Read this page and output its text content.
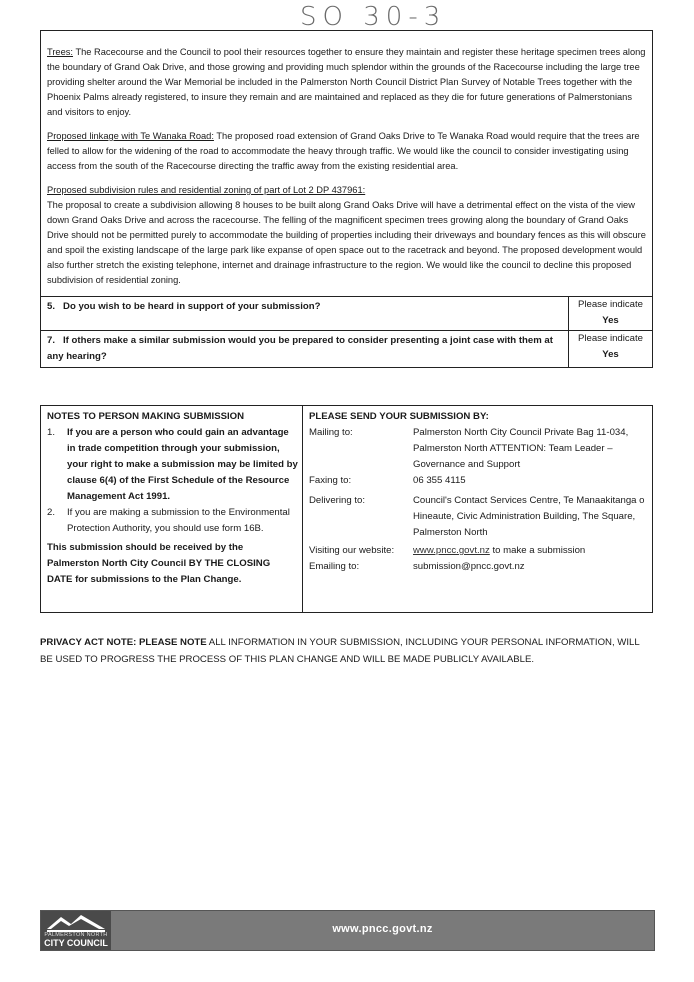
SO 30-3

Trees: The Racecourse and the Council to pool their resources together to ensure they maintain and register these heritage specimen trees along the boundary of Grand Oak Drive, and those growing and providing much splendor within the grounds of the Racecourse including the large tree providing shelter around the War Memorial be included in the Palmerston North Council District Plan Survey of Notable Trees together with the Phoenix Palms already registered, to insure they remain and are maintained and replaced as they die for future generations of Palmerstonians and visitors to enjoy.

Proposed linkage with Te Wanaka Road: The proposed road extension of Grand Oaks Drive to Te Wanaka Road would require that the trees are felled to allow for the widening of the road to accommodate the heavy through traffic. We would like the council to consider investigating using access from the south of the Racecourse directing the traffic away from the existing residential area.

Proposed subdivision rules and residential zoning of part of Lot 2 DP 437961:
The proposal to create a subdivision allowing 8 houses to be built along Grand Oaks Drive will have a detrimental effect on the vista of the view down Grand Oaks Drive and across the racecourse. The felling of the magnificent specimen trees growing along the boundary of Grand Oaks Drive should not be permitted purely to accommodate the building of properties including their driveways and boundary fences as this will obscure and spoil the existing landscape of the large park like expanse of open space out to the racetrack and beyond. The proposed development would also further stretch the existing telephone, internet and drainage infrastructure to the region. We would like the council to decline this proposed subdivision of residential zoning.

5. Do you wish to be heard in support of your submission?	Please indicate
Yes
7. If others make a similar submission would you be prepared to consider presenting a joint case with them at any hearing?
Please indicate
Yes
NOTES TO PERSON MAKING SUBMISSION
1.	If you are a person who could gain an advantage in trade competition through your submission, your right to make a submission may be limited by clause 6(4) of the First Schedule of the Resource Management Act 1991.
2.	If you are making a submission to the Environmental Protection Authority, you should use form 16B.
This submission should be received by the Palmerston North City Council BY THE CLOSING DATE for submissions to the Plan Change.
PLEASE SEND YOUR SUBMISSION BY:
Mailing to:	Palmerston North City Council Private Bag 11-034, Palmerston North ATTENTION: Team Leader – Governance and Support
Faxing to:	06 355 4115
Delivering to:	Council's Contact Services Centre, Te Manaakitanga o Hineaute, Civic Administration Building, The Square, Palmerston North
Visiting our website:	www.pncc.govt.nz to make a submission
Emailing to:	submission@pncc.govt.nz
PRIVACY ACT NOTE: PLEASE NOTE ALL INFORMATION IN YOUR SUBMISSION, INCLUDING YOUR PERSONAL INFORMATION, WILL BE USED TO PROGRESS THE PROCESS OF THIS PLAN CHANGE AND WILL BE MADE PUBLICLY AVAILABLE.
PALMERSTON NORTH
CITY COUNCIL
www.pncc.govt.nz
